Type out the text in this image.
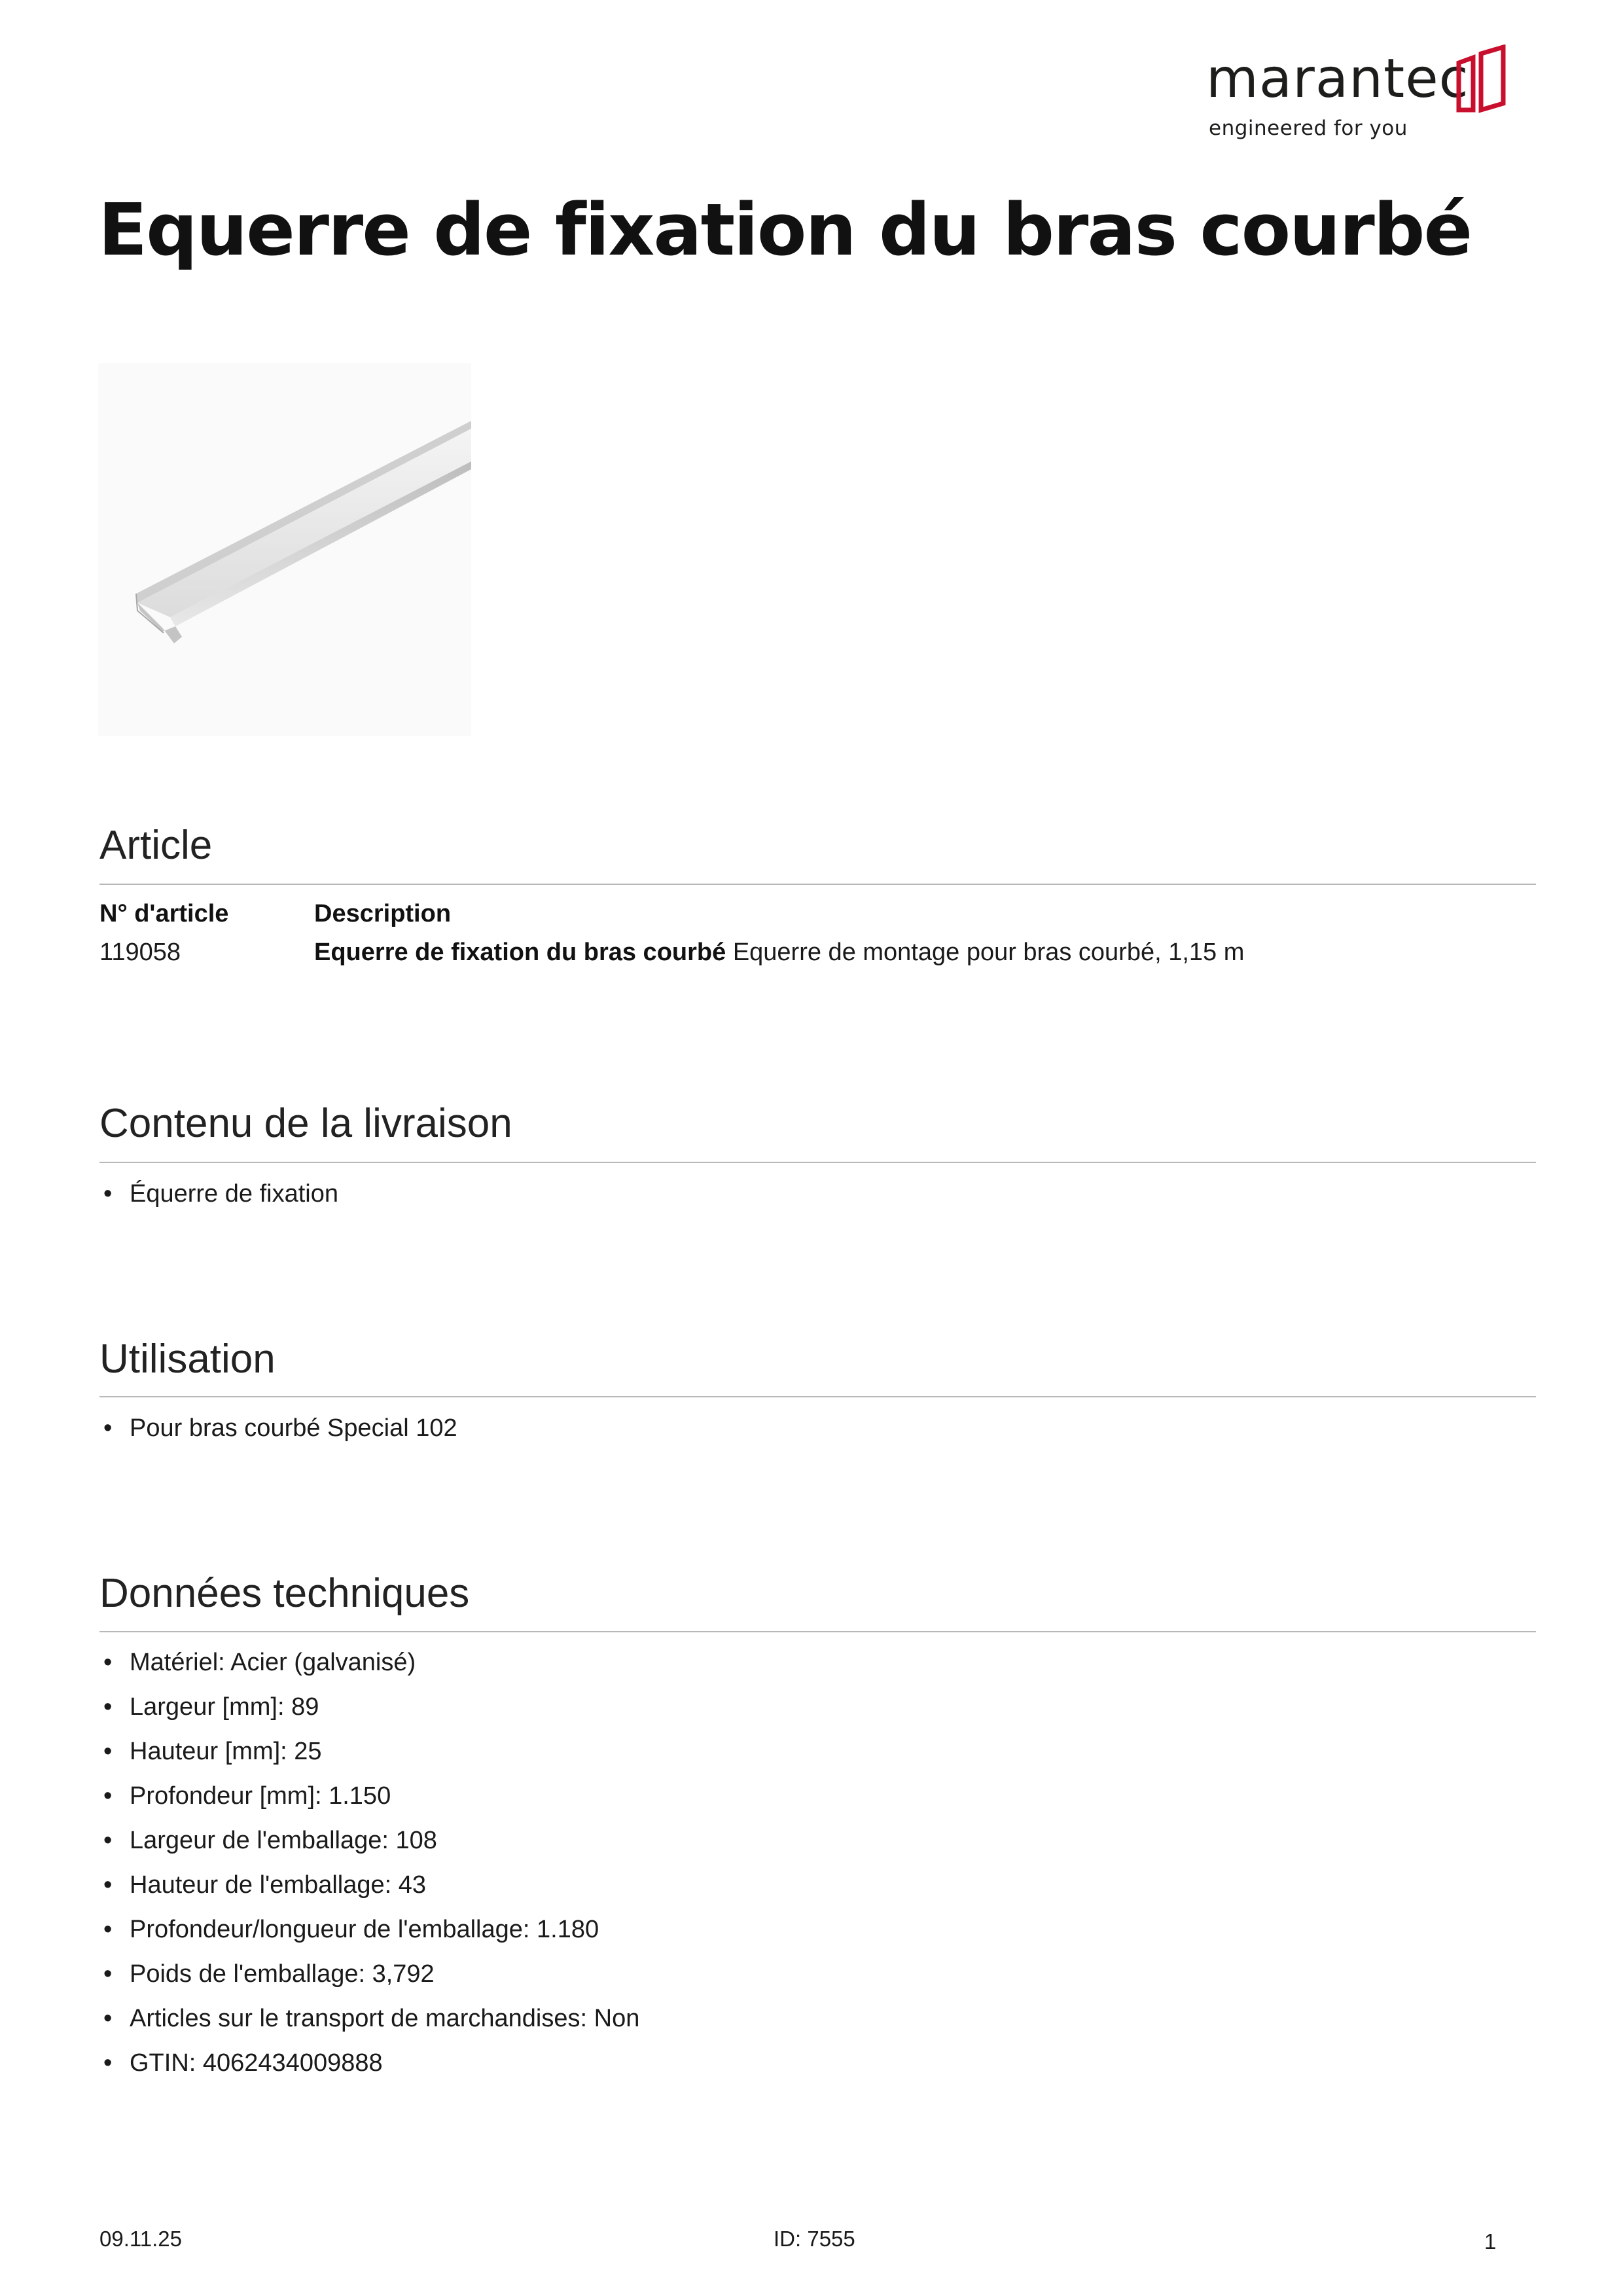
marantec
engineered for you
Equerre de fixation du bras courbé
Article
N° d'article	Description
119058	Equerre de fixation du bras courbé Equerre de montage pour bras courbé, 1,15 m
Contenu de la livraison
• Équerre de fixation
Utilisation
• Pour bras courbé Special 102
Données techniques
• Matériel: Acier (galvanisé)
• Largeur [mm]: 89
• Hauteur [mm]: 25
• Profondeur [mm]: 1.150
• Largeur de l'emballage: 108
• Hauteur de l'emballage: 43
• Profondeur/longueur de l'emballage: 1.180
• Poids de l'emballage: 3,792
• Articles sur le transport de marchandises: Non
• GTIN: 4062434009888
09.11.25	ID: 7555	1
